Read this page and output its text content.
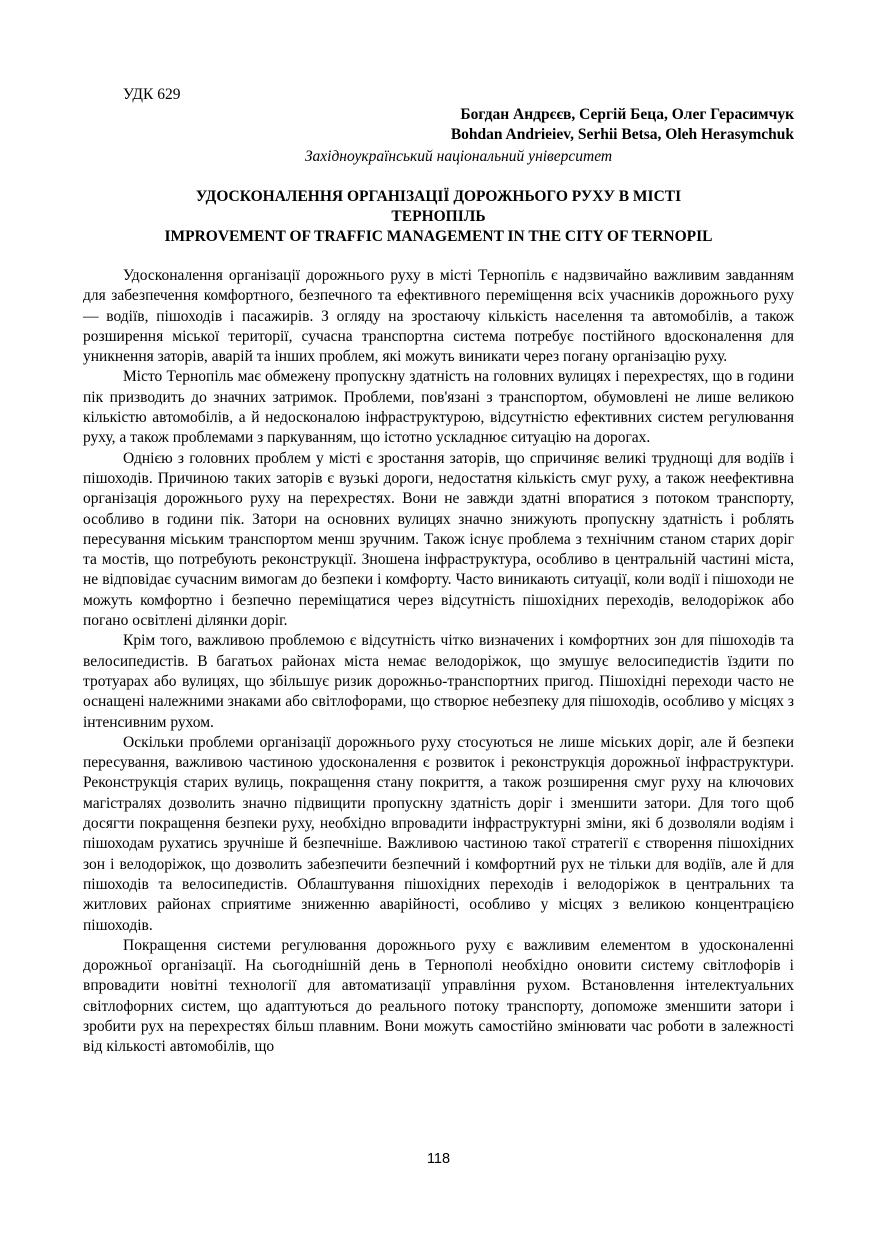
УДК 629
Богдан Андрєєв, Сергій Беца, Олег Герасимчук
Bohdan Andrieiev, Serhii Betsa, Oleh Herasymchuk
Західноукраїнський національний університет
УДОСКОНАЛЕННЯ ОРГАНІЗАЦІЇ ДОРОЖНЬОГО РУХУ В МІСТІ
ТЕРНОПІЛЬ
IMPROVEMENT OF TRAFFIC MANAGEMENT IN THE CITY OF TERNOPIL

Удосконалення організації дорожнього руху в місті Тернопіль є надзвичайно важливим завданням для забезпечення комфортного, безпечного та ефективного переміщення всіх учасників дорожнього руху — водіїв, пішоходів і пасажирів. З огляду на зростаючу кількість населення та автомобілів, а також розширення міської території, сучасна транспортна система потребує постійного вдосконалення для уникнення заторів, аварій та інших проблем, які можуть виникати через погану організацію руху.

Місто Тернопіль має обмежену пропускну здатність на головних вулицях і перехрестях, що в години пік призводить до значних затримок. Проблеми, пов'язані з транспортом, обумовлені не лише великою кількістю автомобілів, а й недосконалою інфраструктурою, відсутністю ефективних систем регулювання руху, а також проблемами з паркуванням, що істотно ускладнює ситуацію на дорогах.

Однією з головних проблем у місті є зростання заторів, що спричиняє великі труднощі для водіїв і пішоходів. Причиною таких заторів є вузькі дороги, недостатня кількість смуг руху, а також неефективна організація дорожнього руху на перехрестях. Вони не завжди здатні впоратися з потоком транспорту, особливо в години пік. Затори на основних вулицях значно знижують пропускну здатність і роблять пересування міським транспортом менш зручним. Також існує проблема з технічним станом старих доріг та мостів, що потребують реконструкції. Зношена інфраструктура, особливо в центральній частині міста, не відповідає сучасним вимогам до безпеки і комфорту. Часто виникають ситуації, коли водії і пішоходи не можуть комфортно і безпечно переміщатися через відсутність пішохідних переходів, велодоріжок або погано освітлені ділянки доріг.

Крім того, важливою проблемою є відсутність чітко визначених і комфортних зон для пішоходів та велосипедистів. В багатьох районах міста немає велодоріжок, що змушує велосипедистів їздити по тротуарах або вулицях, що збільшує ризик дорожньо-транспортних пригод. Пішохідні переходи часто не оснащені належними знаками або світлофорами, що створює небезпеку для пішоходів, особливо у місцях з інтенсивним рухом.

Оскільки проблеми організації дорожнього руху стосуються не лише міських доріг, але й безпеки пересування, важливою частиною удосконалення є розвиток і реконструкція дорожньої інфраструктури. Реконструкція старих вулиць, покращення стану покриття, а також розширення смуг руху на ключових магістралях дозволить значно підвищити пропускну здатність доріг і зменшити затори. Для того щоб досягти покращення безпеки руху, необхідно впровадити інфраструктурні зміни, які б дозволяли водіям і пішоходам рухатись зручніше й безпечніше. Важливою частиною такої стратегії є створення пішохідних зон і велодоріжок, що дозволить забезпечити безпечний і комфортний рух не тільки для водіїв, але й для пішоходів та велосипедистів. Облаштування пішохідних переходів і велодоріжок в центральних та житлових районах сприятиме зниженню аварійності, особливо у місцях з великою концентрацією пішоходів.

Покращення системи регулювання дорожнього руху є важливим елементом в удосконаленні дорожньої організації. На сьогоднішній день в Тернополі необхідно оновити систему світлофорів і впровадити новітні технології для автоматизації управління рухом. Встановлення інтелектуальних світлофорних систем, що адаптуються до реального потоку транспорту, допоможе зменшити затори і зробити рух на перехрестях більш плавним. Вони можуть самостійно змінювати час роботи в залежності від кількості автомобілів, що

118
